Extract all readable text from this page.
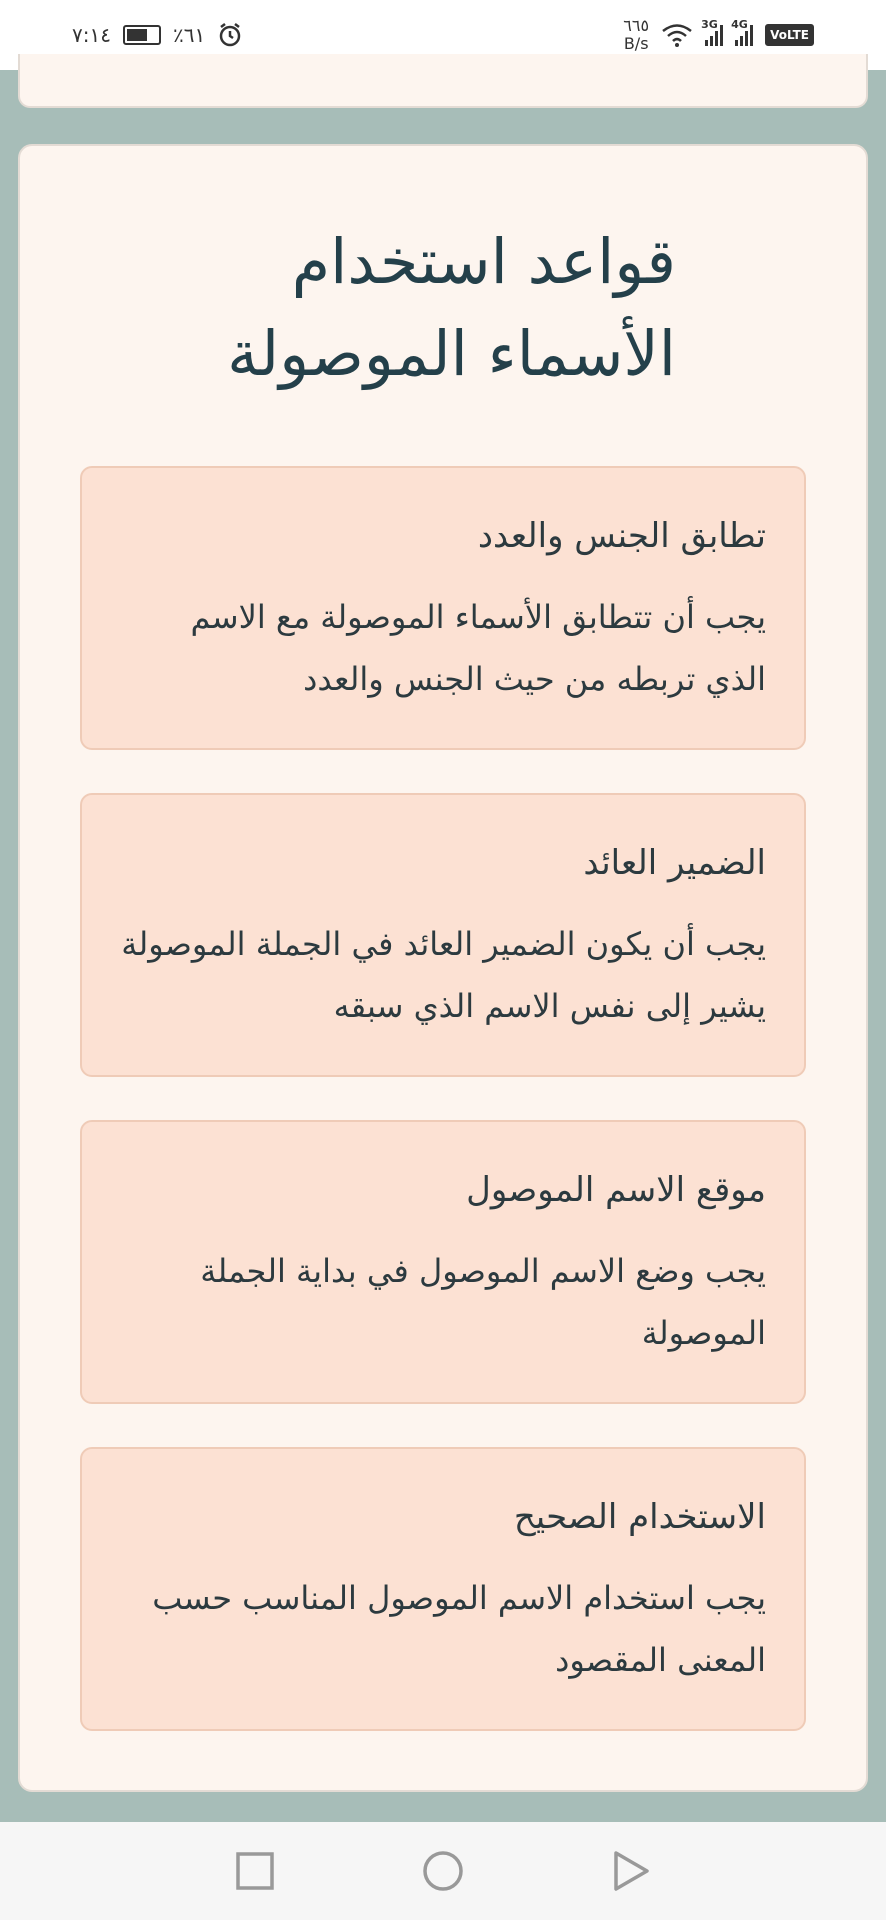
٧:١٤	٪٦١	٦٦٥
B/s
3G 4G
VoLTE
قواعد استخدام الأسماء الموصولة

تطابق الجنس والعدد

يجب أن تتطابق الأسماء الموصولة مع الاسم الذي تربطه من حيث الجنس والعدد

الضمير العائد

يجب أن يكون الضمير العائد في الجملة الموصولة يشير إلى نفس الاسم الذي سبقه

موقع الاسم الموصول

يجب وضع الاسم الموصول في بداية الجملة الموصولة

الاستخدام الصحيح

يجب استخدام الاسم الموصول المناسب حسب المعنى المقصود
